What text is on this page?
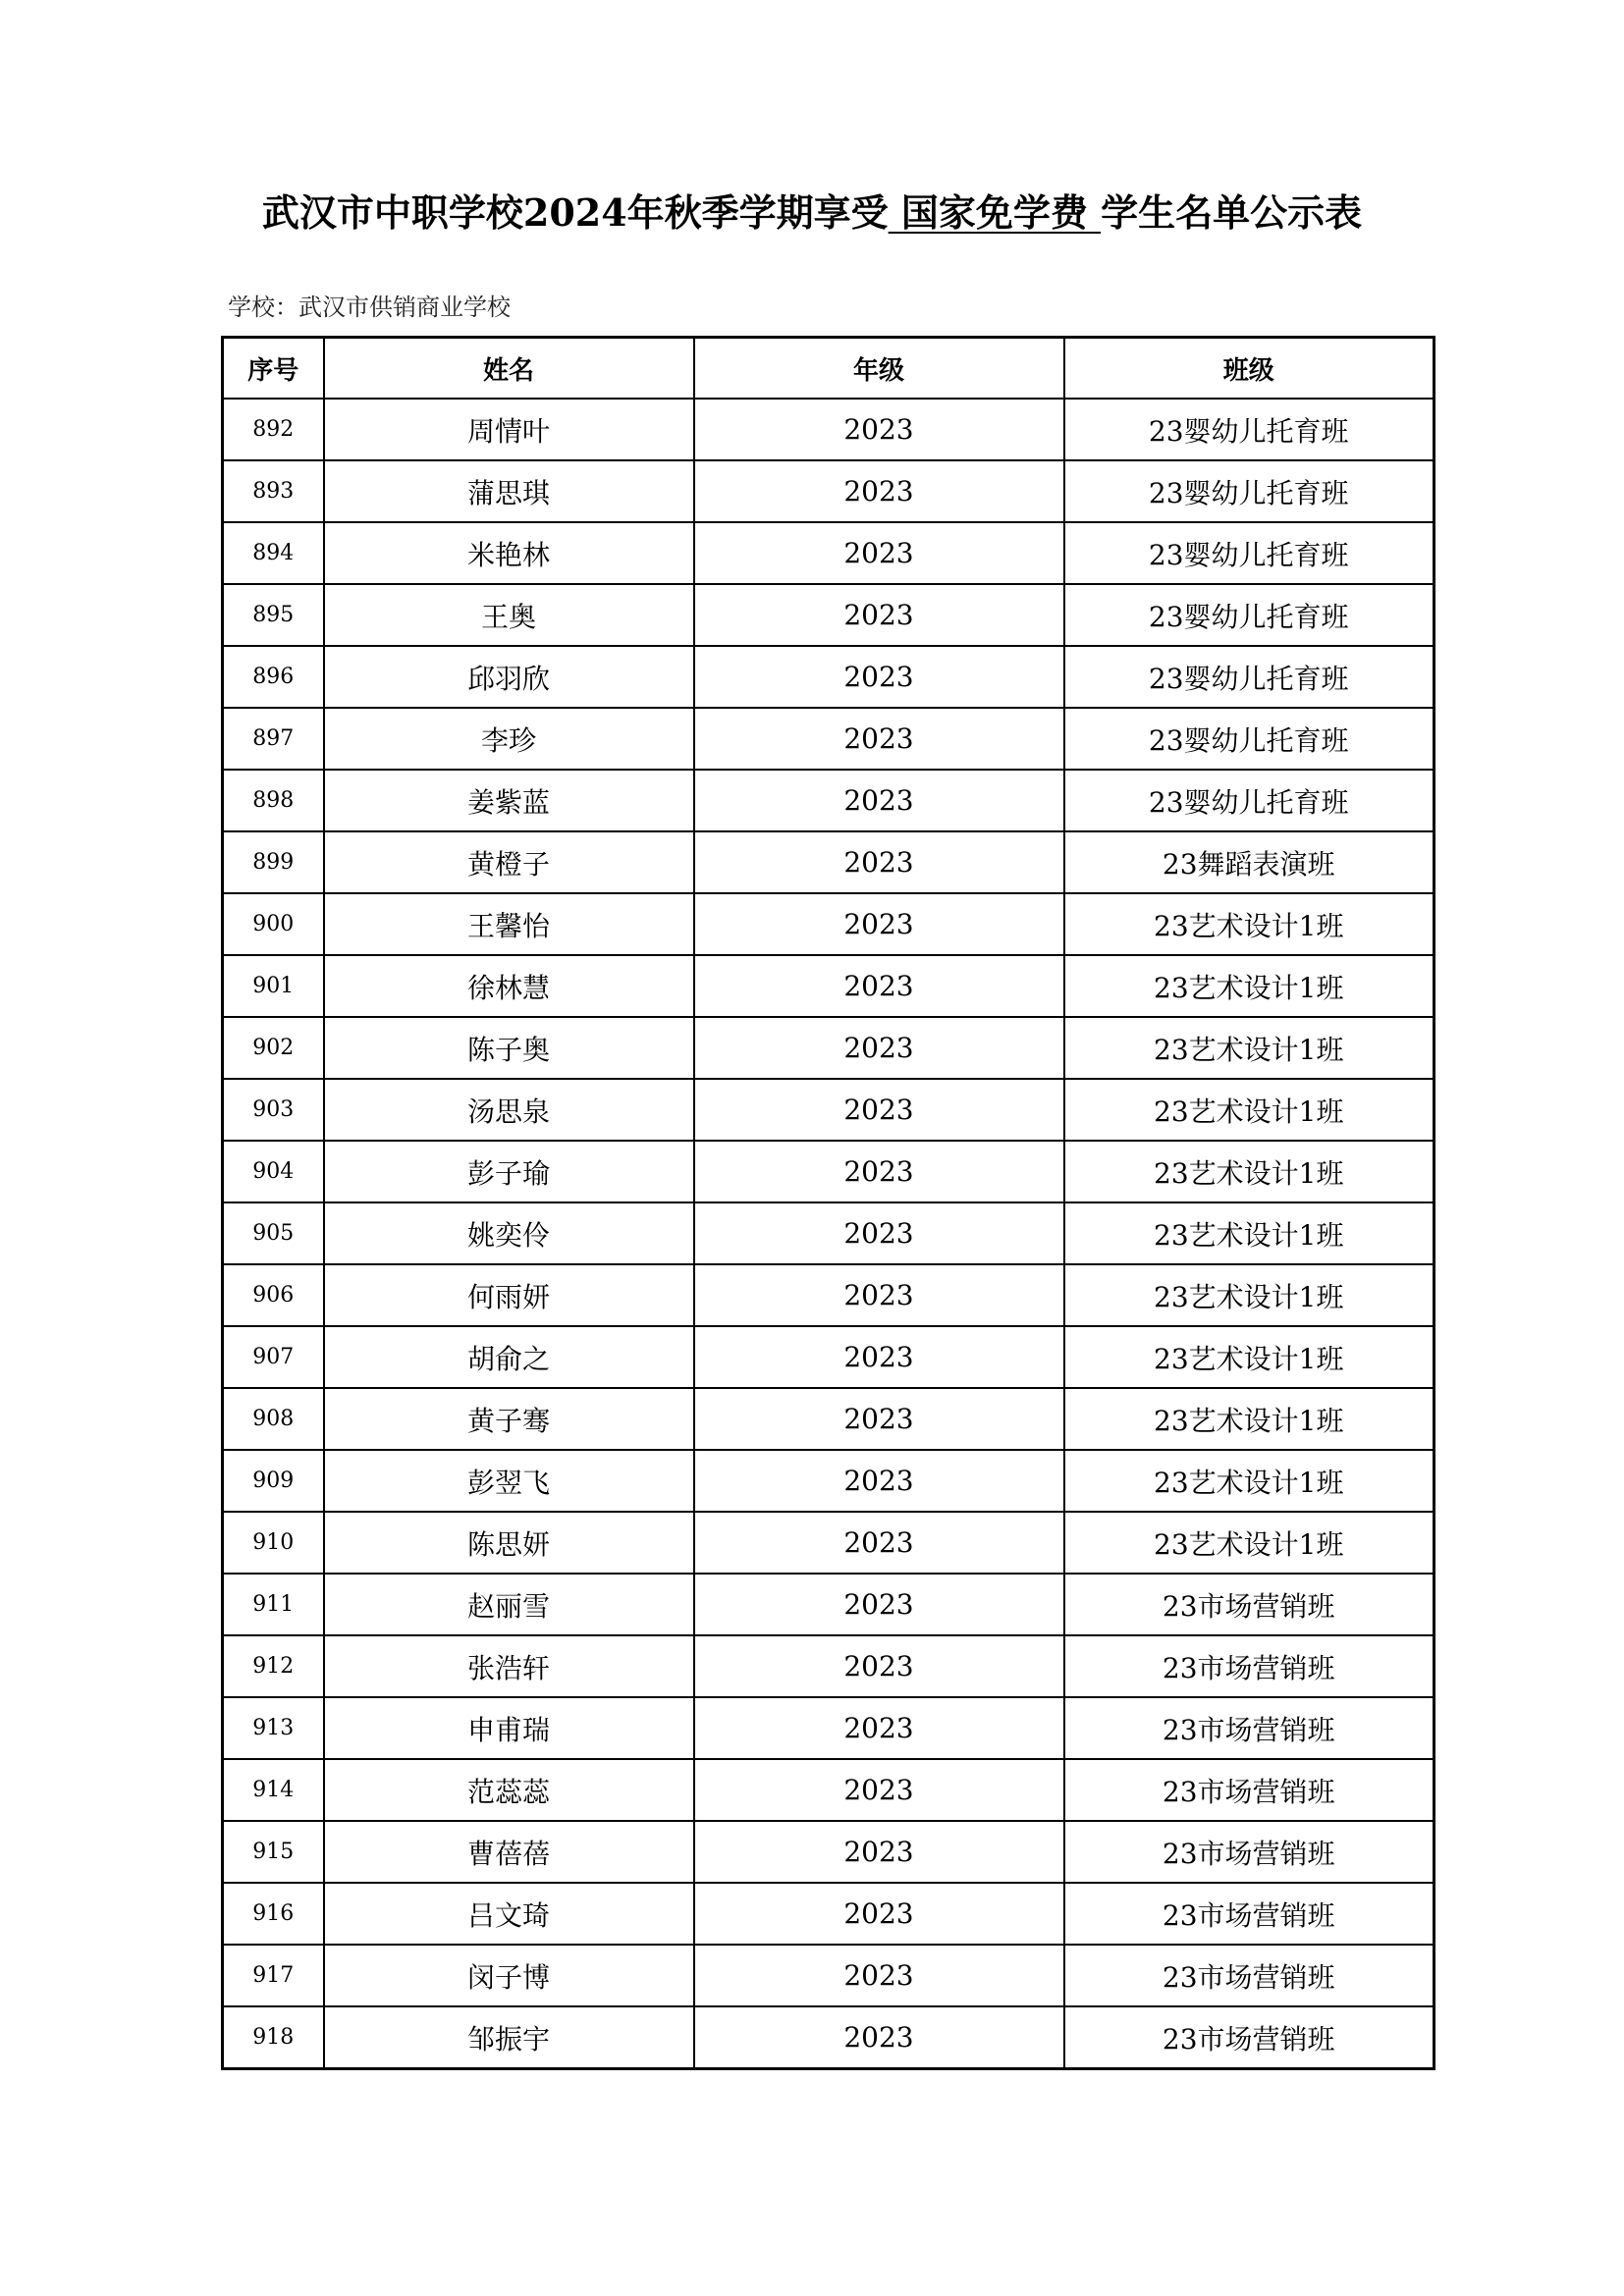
武汉市中职学校2024年秋季学期享受 国家免学费 学生名单公示表
学校：武汉市供销商业学校
序号	姓名	年级	班级
892	周情叶	2023	23婴幼儿托育班
893	蒲思琪	2023	23婴幼儿托育班
894	米艳林	2023	23婴幼儿托育班
895	王奥	2023	23婴幼儿托育班
896	邱羽欣	2023	23婴幼儿托育班
897	李珍	2023	23婴幼儿托育班
898	姜紫蓝	2023	23婴幼儿托育班
899	黄橙子	2023	23舞蹈表演班
900	王馨怡	2023	23艺术设计1班
901	徐林慧	2023	23艺术设计1班
902	陈子奥	2023	23艺术设计1班
903	汤思泉	2023	23艺术设计1班
904	彭子瑜	2023	23艺术设计1班
905	姚奕伶	2023	23艺术设计1班
906	何雨妍	2023	23艺术设计1班
907	胡俞之	2023	23艺术设计1班
908	黄子骞	2023	23艺术设计1班
909	彭翌飞	2023	23艺术设计1班
910	陈思妍	2023	23艺术设计1班
911	赵丽雪	2023	23市场营销班
912	张浩轩	2023	23市场营销班
913	申甫瑞	2023	23市场营销班
914	范蕊蕊	2023	23市场营销班
915	曹蓓蓓	2023	23市场营销班
916	吕文琦	2023	23市场营销班
917	闵子博	2023	23市场营销班
918	邹振宇	2023	23市场营销班
